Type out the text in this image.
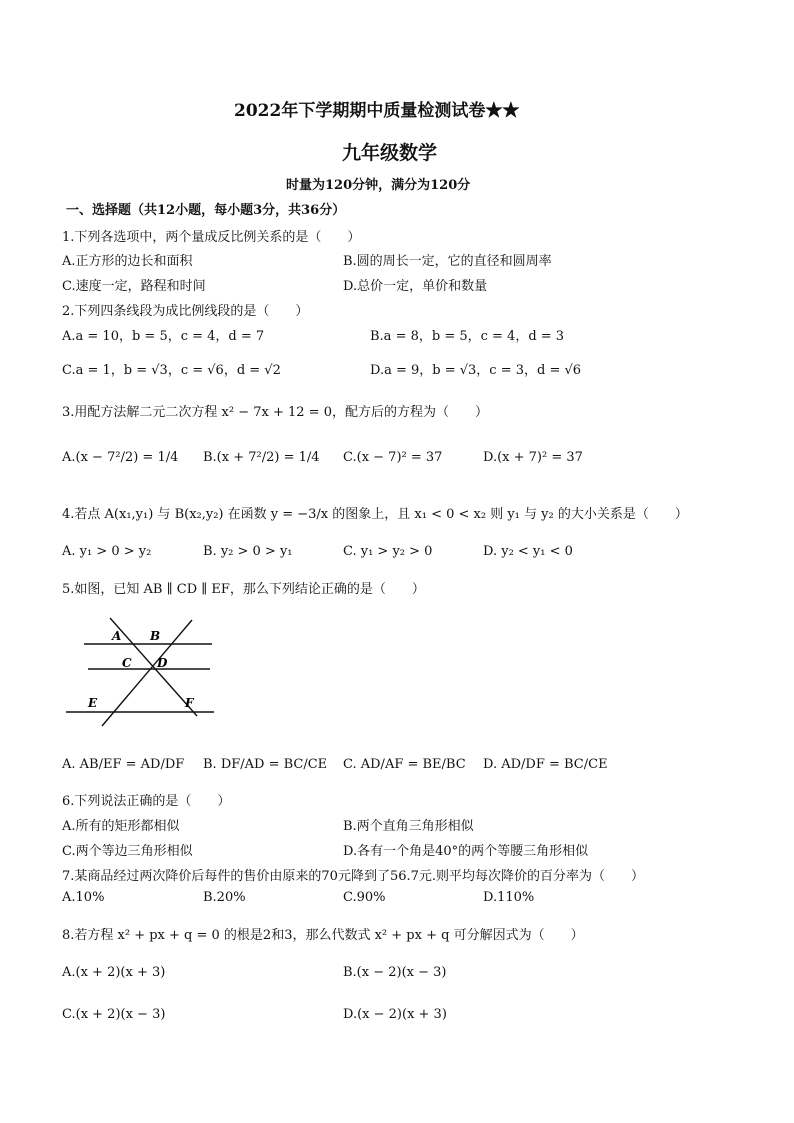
2022年下学期期中质量检测试卷★★
九年级数学
时量为120分钟，满分为120分
一、选择题（共12小题，每小题3分，共36分）
1.下列各选项中，两个量成反比例关系的是（　　）
A.正方形的边长和面积	B.圆的周长一定，它的直径和圆周率
C.速度一定，路程和时间	D.总价一定，单价和数量
2.下列四条线段为成比例线段的是（　　）
A.a = 10，b = 5，c = 4，d = 7	B.a = 8，b = 5，c = 4，d = 3
C.a = 1，b = √3，c = √6，d = √2	D.a = 9，b = √3，c = 3，d = √6
3.用配方法解二元二次方程 x² − 7x + 12 = 0，配方后的方程为（　　）
A.(x − 7²/2) = 1/4 B.(x + 7²/2) = 1/4 C.(x − 7)² = 37	D.(x + 7)² = 37
4.若点 A(x₁,y₁) 与 B(x₂,y₂) 在函数 y = −3/x 的图象上，且 x₁ < 0 < x₂ 则 y₁ 与 y₂ 的大小关系是（　　）
A. y₁ > 0 > y₂	B. y₂ > 0 > y₁	C. y₁ > y₂ > 0	D. y₂ < y₁ < 0
5.如图，已知 AB ∥ CD ∥ EF，那么下列结论正确的是（　　）
A B
C D
E	F
A. AB/EF = AD/DF B. DF/AD = BC/CE C. AD/AF = BE/BC D. AD/DF = BC/CE
6.下列说法正确的是（　　）
A.所有的矩形都相似	B.两个直角三角形相似
C.两个等边三角形相似	D.各有一个角是40°的两个等腰三角形相似
7.某商品经过两次降价后每件的售价由原来的70元降到了56.7元.则平均每次降价的百分率为（　　）
A.10%	B.20%	C.90%	D.110%
8.若方程 x² + px + q = 0 的根是2和3，那么代数式 x² + px + q 可分解因式为（　　）
A.(x + 2)(x + 3)	B.(x − 2)(x − 3)
C.(x + 2)(x − 3)	D.(x − 2)(x + 3)
